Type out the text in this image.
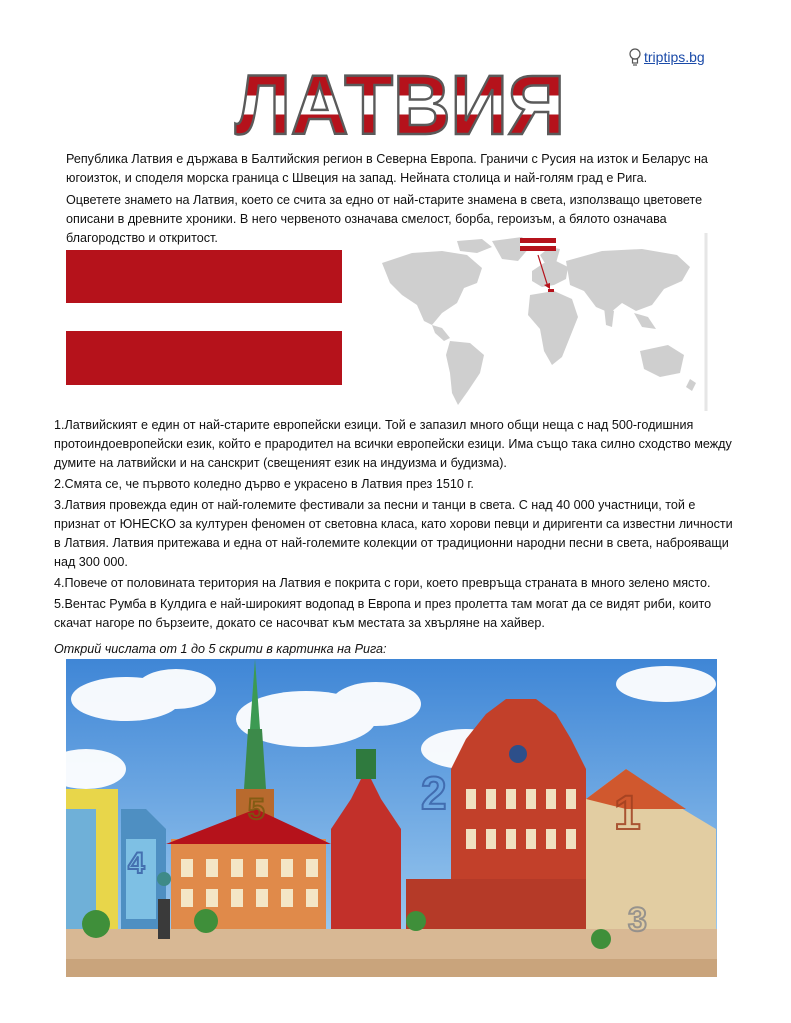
triptips.bg
ЛАТВИЯ

Република Латвия е държава в Балтийския регион в Северна Европа. Граничи с Русия на изток и Беларус на югоизток, и споделя морска граница с Швеция на запад. Нейната столица и най-голям град е Рига.

Оцветете знамето на Латвия, което се счита за едно от най-старите знамена в света, използващо цветовете описани в древните хроники. В него червеното означава смелост, борба, героизъм, а бялото означава благородство и откритост.

1.Латвийският е един от най-старите европейски езици. Той е запазил много общи неща с над 500-годишния протоиндоевропейски език, който е прародител на всички европейски езици. Има също така силно сходство между думите на латвийски и на санскрит (свещеният език на индуизма и будизма).

2.Смята се, че първото коледно дърво е украсено в Латвия през 1510 г.

3.Латвия провежда един от най-големите фестивали за песни и танци в света. С над 40 000 участници, той е признат от ЮНЕСКО за културен феномен от световна класа, като хорови певци и диригенти са известни личности в Латвия. Латвия притежава и една от най-големите колекции от традиционни народни песни в света, наброяващи над 300 000.

4.Повече от половината територия на Латвия е покрита с гори, което превръща страната в много зелено място.

5.Вентас Румба в Кулдига е най-широкият водопад в Европа и през пролетта там могат да се видят риби, които скачат нагоре по бързеите, докато се насочват към местата за хвърляне на хайвер.

Открий числата от 1 до 5 скрити в картинка на Рига:
1
2
3
4
5
